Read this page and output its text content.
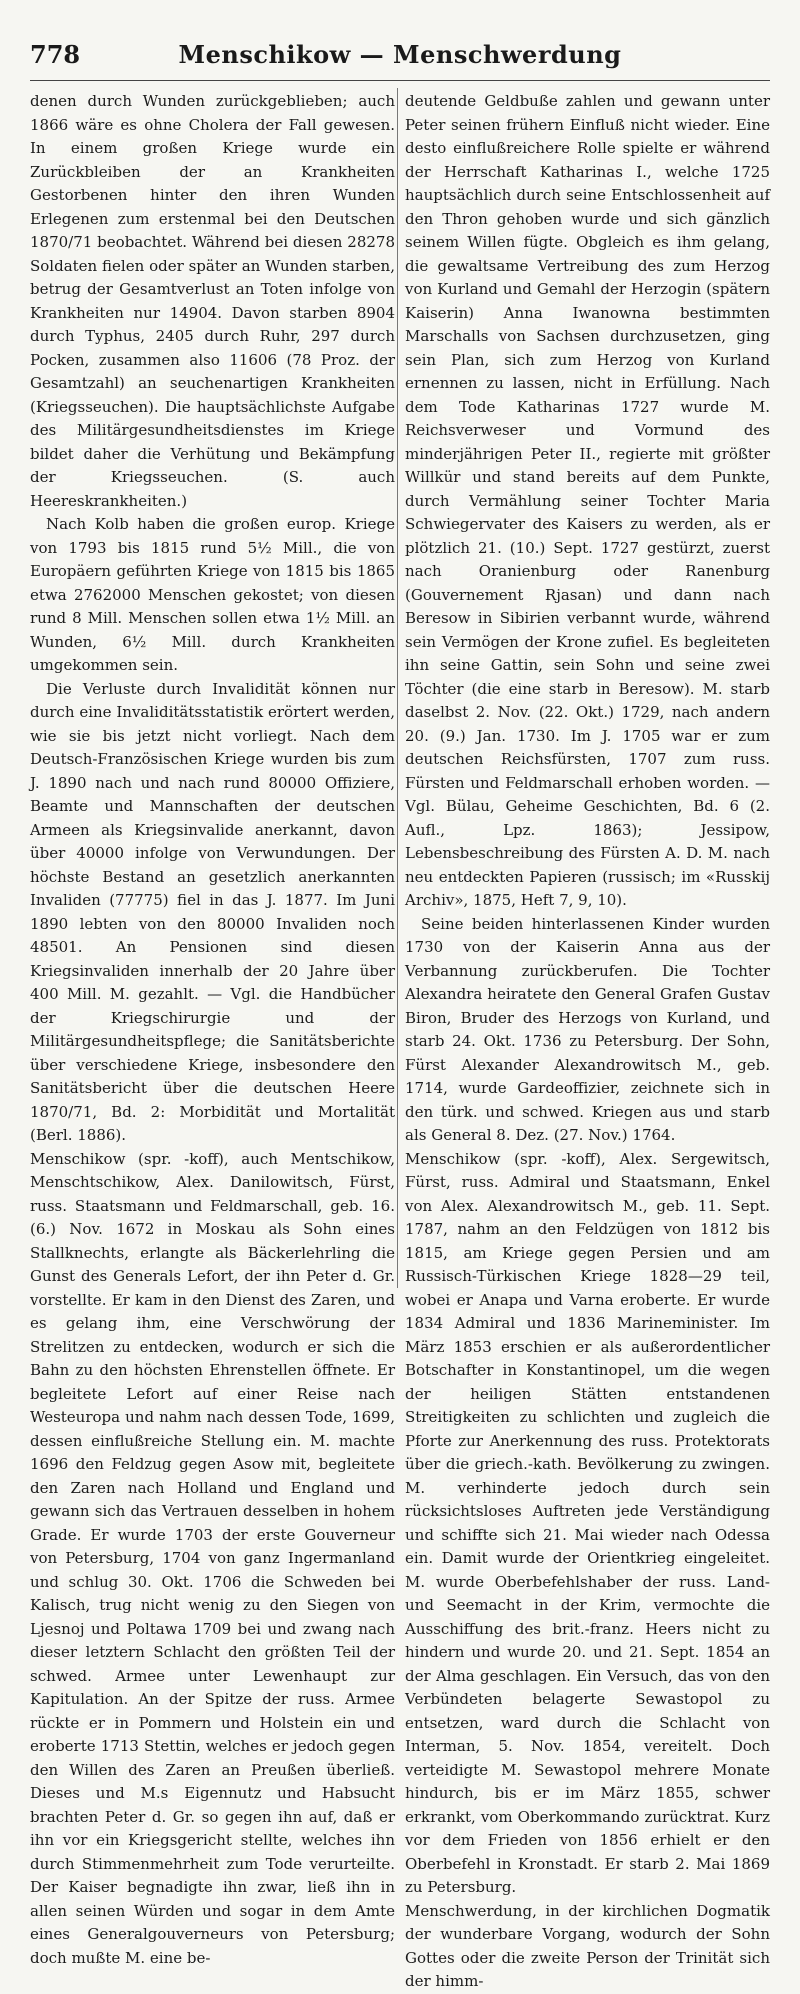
778	Menschikow — Menschwerdung

denen durch Wunden zurückgeblieben; auch 1866 wäre es ohne Cholera der Fall gewesen. In einem großen Kriege wurde ein Zurückbleiben der an Krankheiten Gestorbenen hinter den ihren Wunden Erlegenen zum erstenmal bei den Deutschen 1870/71 beobachtet. Während bei diesen 28278 Soldaten fielen oder später an Wunden starben, betrug der Gesamtverlust an Toten infolge von Krankheiten nur 14904. Davon starben 8904 durch Typhus, 2405 durch Ruhr, 297 durch Pocken, zusammen also 11606 (78 Proz. der Gesamtzahl) an seuchenartigen Krankheiten (Kriegsseuchen). Die hauptsächlichste Aufgabe des Militärgesundheitsdienstes im Kriege bildet daher die Verhütung und Bekämpfung der Kriegsseuchen. (S. auch Heereskrankheiten.)

Nach Kolb haben die großen europ. Kriege von 1793 bis 1815 rund 5½ Mill., die von Europäern geführten Kriege von 1815 bis 1865 etwa 2762000 Menschen gekostet; von diesen rund 8 Mill. Menschen sollen etwa 1½ Mill. an Wunden, 6½ Mill. durch Krankheiten umgekommen sein.

Die Verluste durch Invalidität können nur durch eine Invaliditätsstatistik erörtert werden, wie sie bis jetzt nicht vorliegt. Nach dem Deutsch-Französischen Kriege wurden bis zum J. 1890 nach und nach rund 80000 Offiziere, Beamte und Mannschaften der deutschen Armeen als Kriegsinvalide anerkannt, davon über 40000 infolge von Verwundungen. Der höchste Bestand an gesetzlich anerkannten Invaliden (77775) fiel in das J. 1877. Im Juni 1890 lebten von den 80000 Invaliden noch 48501. An Pensionen sind diesen Kriegsinvaliden innerhalb der 20 Jahre über 400 Mill. M. gezahlt. — Vgl. die Handbücher der Kriegschirurgie und der Militärgesundheitspflege; die Sanitätsberichte über verschiedene Kriege, insbesondere den Sanitätsbericht über die deutschen Heere 1870/71, Bd. 2: Morbidität und Mortalität (Berl. 1886).

Menschikow (spr. -koff), auch Mentschikow, Menschtschikow, Alex. Danilowitsch, Fürst, russ. Staatsmann und Feldmarschall, geb. 16. (6.) Nov. 1672 in Moskau als Sohn eines Stallknechts, erlangte als Bäckerlehrling die Gunst des Generals Lefort, der ihn Peter d. Gr. vorstellte. Er kam in den Dienst des Zaren, und es gelang ihm, eine Verschwörung der Strelitzen zu entdecken, wodurch er sich die Bahn zu den höchsten Ehrenstellen öffnete. Er begleitete Lefort auf einer Reise nach Westeuropa und nahm nach dessen Tode, 1699, dessen einflußreiche Stellung ein. M. machte 1696 den Feldzug gegen Asow mit, begleitete den Zaren nach Holland und England und gewann sich das Vertrauen desselben in hohem Grade. Er wurde 1703 der erste Gouverneur von Petersburg, 1704 von ganz Ingermanland und schlug 30. Okt. 1706 die Schweden bei Kalisch, trug nicht wenig zu den Siegen von Ljesnoj und Poltawa 1709 bei und zwang nach dieser letztern Schlacht den größten Teil der schwed. Armee unter Lewenhaupt zur Kapitulation. An der Spitze der russ. Armee rückte er in Pommern und Holstein ein und eroberte 1713 Stettin, welches er jedoch gegen den Willen des Zaren an Preußen überließ. Dieses und M.s Eigennutz und Habsucht brachten Peter d. Gr. so gegen ihn auf, daß er ihn vor ein Kriegsgericht stellte, welches ihn durch Stimmenmehrheit zum Tode verurteilte. Der Kaiser begnadigte ihn zwar, ließ ihn in allen seinen Würden und sogar in dem Amte eines Generalgouverneurs von Petersburg; doch mußte M. eine be-

deutende Geldbuße zahlen und gewann unter Peter seinen frühern Einfluß nicht wieder. Eine desto einflußreichere Rolle spielte er während der Herrschaft Katharinas I., welche 1725 hauptsächlich durch seine Entschlossenheit auf den Thron gehoben wurde und sich gänzlich seinem Willen fügte. Obgleich es ihm gelang, die gewaltsame Vertreibung des zum Herzog von Kurland und Gemahl der Herzogin (spätern Kaiserin) Anna Iwanowna bestimmten Marschalls von Sachsen durchzusetzen, ging sein Plan, sich zum Herzog von Kurland ernennen zu lassen, nicht in Erfüllung. Nach dem Tode Katharinas 1727 wurde M. Reichsverweser und Vormund des minderjährigen Peter II., regierte mit größter Willkür und stand bereits auf dem Punkte, durch Vermählung seiner Tochter Maria Schwiegervater des Kaisers zu werden, als er plötzlich 21. (10.) Sept. 1727 gestürzt, zuerst nach Oranienburg oder Ranenburg (Gouvernement Rjasan) und dann nach Beresow in Sibirien verbannt wurde, während sein Vermögen der Krone zufiel. Es begleiteten ihn seine Gattin, sein Sohn und seine zwei Töchter (die eine starb in Beresow). M. starb daselbst 2. Nov. (22. Okt.) 1729, nach andern 20. (9.) Jan. 1730. Im J. 1705 war er zum deutschen Reichsfürsten, 1707 zum russ. Fürsten und Feldmarschall erhoben worden. — Vgl. Bülau, Geheime Geschichten, Bd. 6 (2. Aufl., Lpz. 1863); Jessipow, Lebensbeschreibung des Fürsten A. D. M. nach neu entdeckten Papieren (russisch; im «Russkij Archiv», 1875, Heft 7, 9, 10).

Seine beiden hinterlassenen Kinder wurden 1730 von der Kaiserin Anna aus der Verbannung zurückberufen. Die Tochter Alexandra heiratete den General Grafen Gustav Biron, Bruder des Herzogs von Kurland, und starb 24. Okt. 1736 zu Petersburg. Der Sohn, Fürst Alexander Alexandrowitsch M., geb. 1714, wurde Gardeoffizier, zeichnete sich in den türk. und schwed. Kriegen aus und starb als General 8. Dez. (27. Nov.) 1764.

Menschikow (spr. -koff), Alex. Sergewitsch, Fürst, russ. Admiral und Staatsmann, Enkel von Alex. Alexandrowitsch M., geb. 11. Sept. 1787, nahm an den Feldzügen von 1812 bis 1815, am Kriege gegen Persien und am Russisch-Türkischen Kriege 1828—29 teil, wobei er Anapa und Varna eroberte. Er wurde 1834 Admiral und 1836 Marineminister. Im März 1853 erschien er als außerordentlicher Botschafter in Konstantinopel, um die wegen der heiligen Stätten entstandenen Streitigkeiten zu schlichten und zugleich die Pforte zur Anerkennung des russ. Protektorats über die griech.-kath. Bevölkerung zu zwingen. M. verhinderte jedoch durch sein rücksichtsloses Auftreten jede Verständigung und schiffte sich 21. Mai wieder nach Odessa ein. Damit wurde der Orientkrieg eingeleitet. M. wurde Oberbefehlshaber der russ. Land- und Seemacht in der Krim, vermochte die Ausschiffung des brit.-franz. Heers nicht zu hindern und wurde 20. und 21. Sept. 1854 an der Alma geschlagen. Ein Versuch, das von den Verbündeten belagerte Sewastopol zu entsetzen, ward durch die Schlacht von Interman, 5. Nov. 1854, vereitelt. Doch verteidigte M. Sewastopol mehrere Monate hindurch, bis er im März 1855, schwer erkrankt, vom Oberkommando zurücktrat. Kurz vor dem Frieden von 1856 erhielt er den Oberbefehl in Kronstadt. Er starb 2. Mai 1869 zu Petersburg.

Menschwerdung, in der kirchlichen Dogmatik der wunderbare Vorgang, wodurch der Sohn Gottes oder die zweite Person der Trinität sich der himm-
